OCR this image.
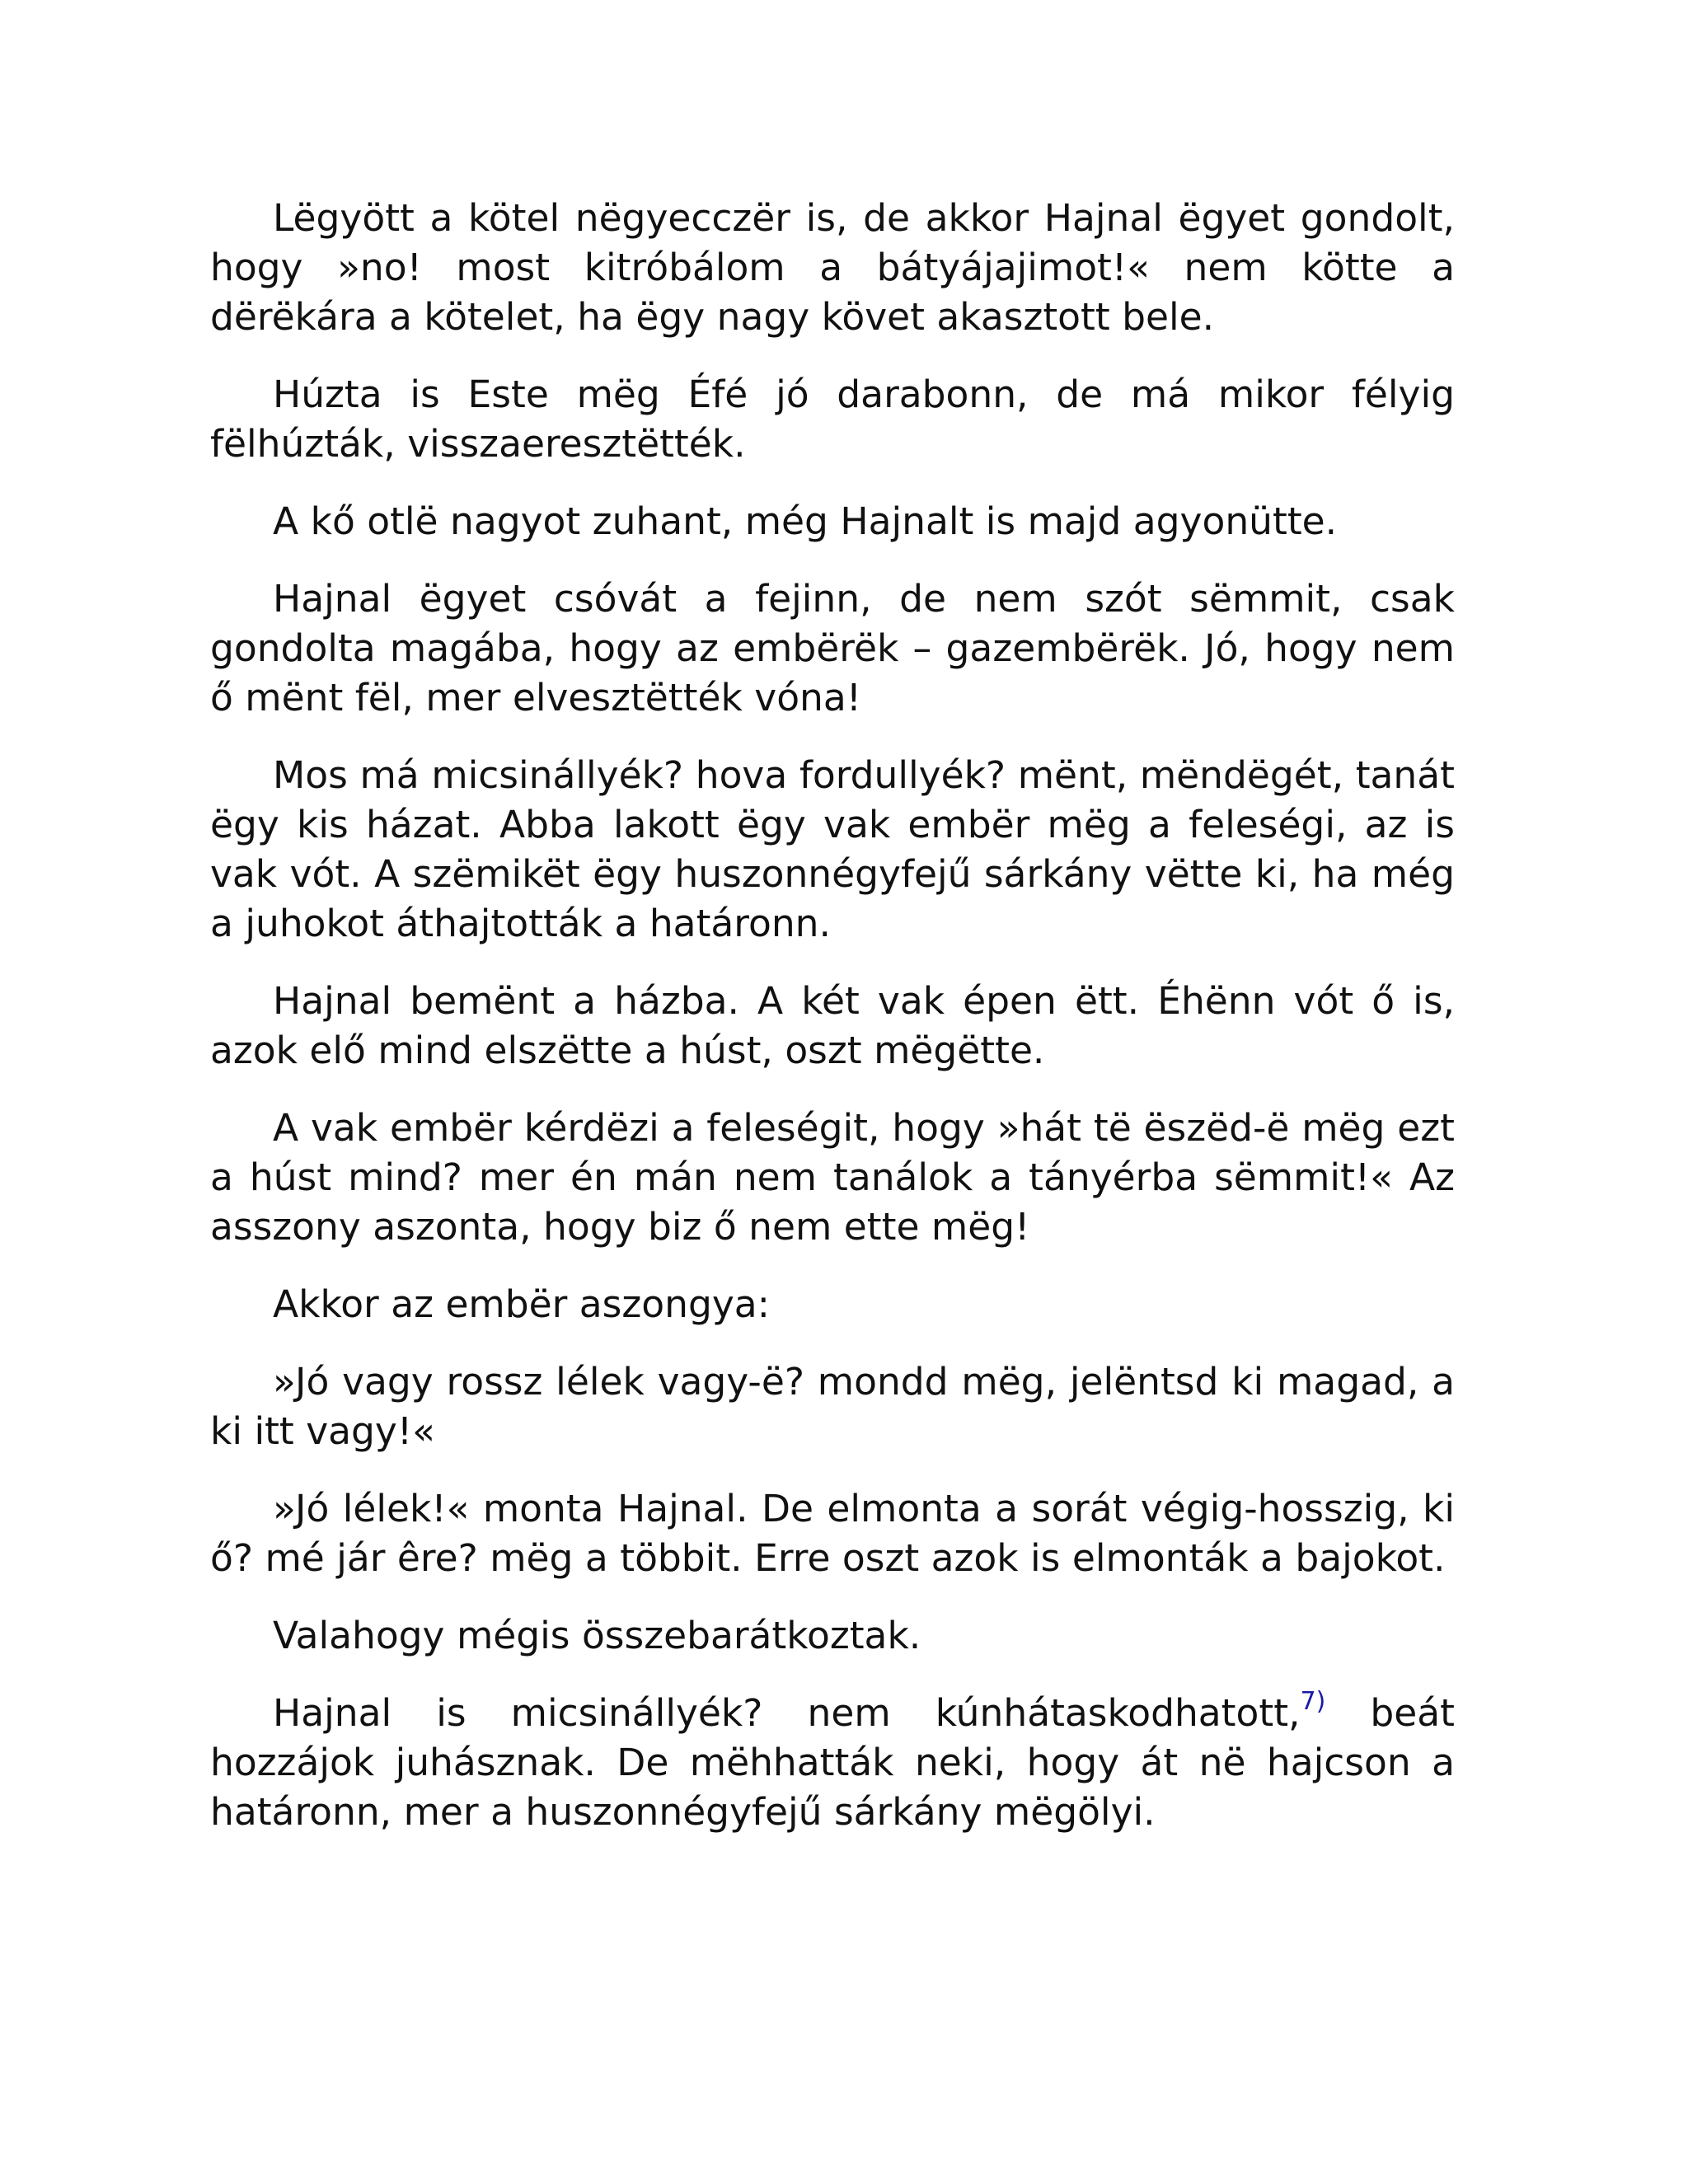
Lëgyött a kötel nëgyecczër is, de akkor Hajnal ëgyet gondolt, hogy »no! most kitróbálom a bátyájajimot!« nem kötte a dërëkára a kötelet, ha ëgy nagy követ akasztott bele.

Húzta is Este mëg Éfé jó darabonn, de má mikor félyig fëlhúzták, visszaeresztëtték.

A kő otlë nagyot zuhant, még Hajnalt is majd agyonütte.

Hajnal ëgyet csóvát a fejinn, de nem szót sëmmit, csak gondolta magába, hogy az embërëk – gazembërëk. Jó, hogy nem ő mënt fël, mer elvesztëtték vóna!

Mos má micsinállyék? hova fordullyék? mënt, mëndëgét, tanát ëgy kis házat. Abba lakott ëgy vak embër mëg a feleségi, az is vak vót. A szëmikët ëgy huszonnégyfejű sárkány vëtte ki, ha még a juhokot áthajtották a határonn.

Hajnal bemënt a házba. A két vak épen ëtt. Éhënn vót ő is, azok elő mind elszëtte a húst, oszt mëgëtte.

A vak embër kérdëzi a feleségit, hogy »hát të ëszëd-ë mëg ezt a húst mind? mer én mán nem tanálok a tányérba sëmmit!« Az asszony aszonta, hogy biz ő nem ette mëg!

Akkor az embër aszongya:

»Jó vagy rossz lélek vagy-ë? mondd mëg, jelëntsd ki magad, a ki itt vagy!«

»Jó lélek!« monta Hajnal. De elmonta a sorát végig-hosszig, ki ő? mé jár êre? mëg a többit. Erre oszt azok is elmonták a bajokot.

Valahogy mégis összebarátkoztak.

Hajnal is micsinállyék? nem kúnhátaskodhatott,$^{7)}$ beát hozzájok juhásznak. De mëhhatták neki, hogy át në hajcson a határonn, mer a huszonnégyfejű sárkány mëgölyi.
